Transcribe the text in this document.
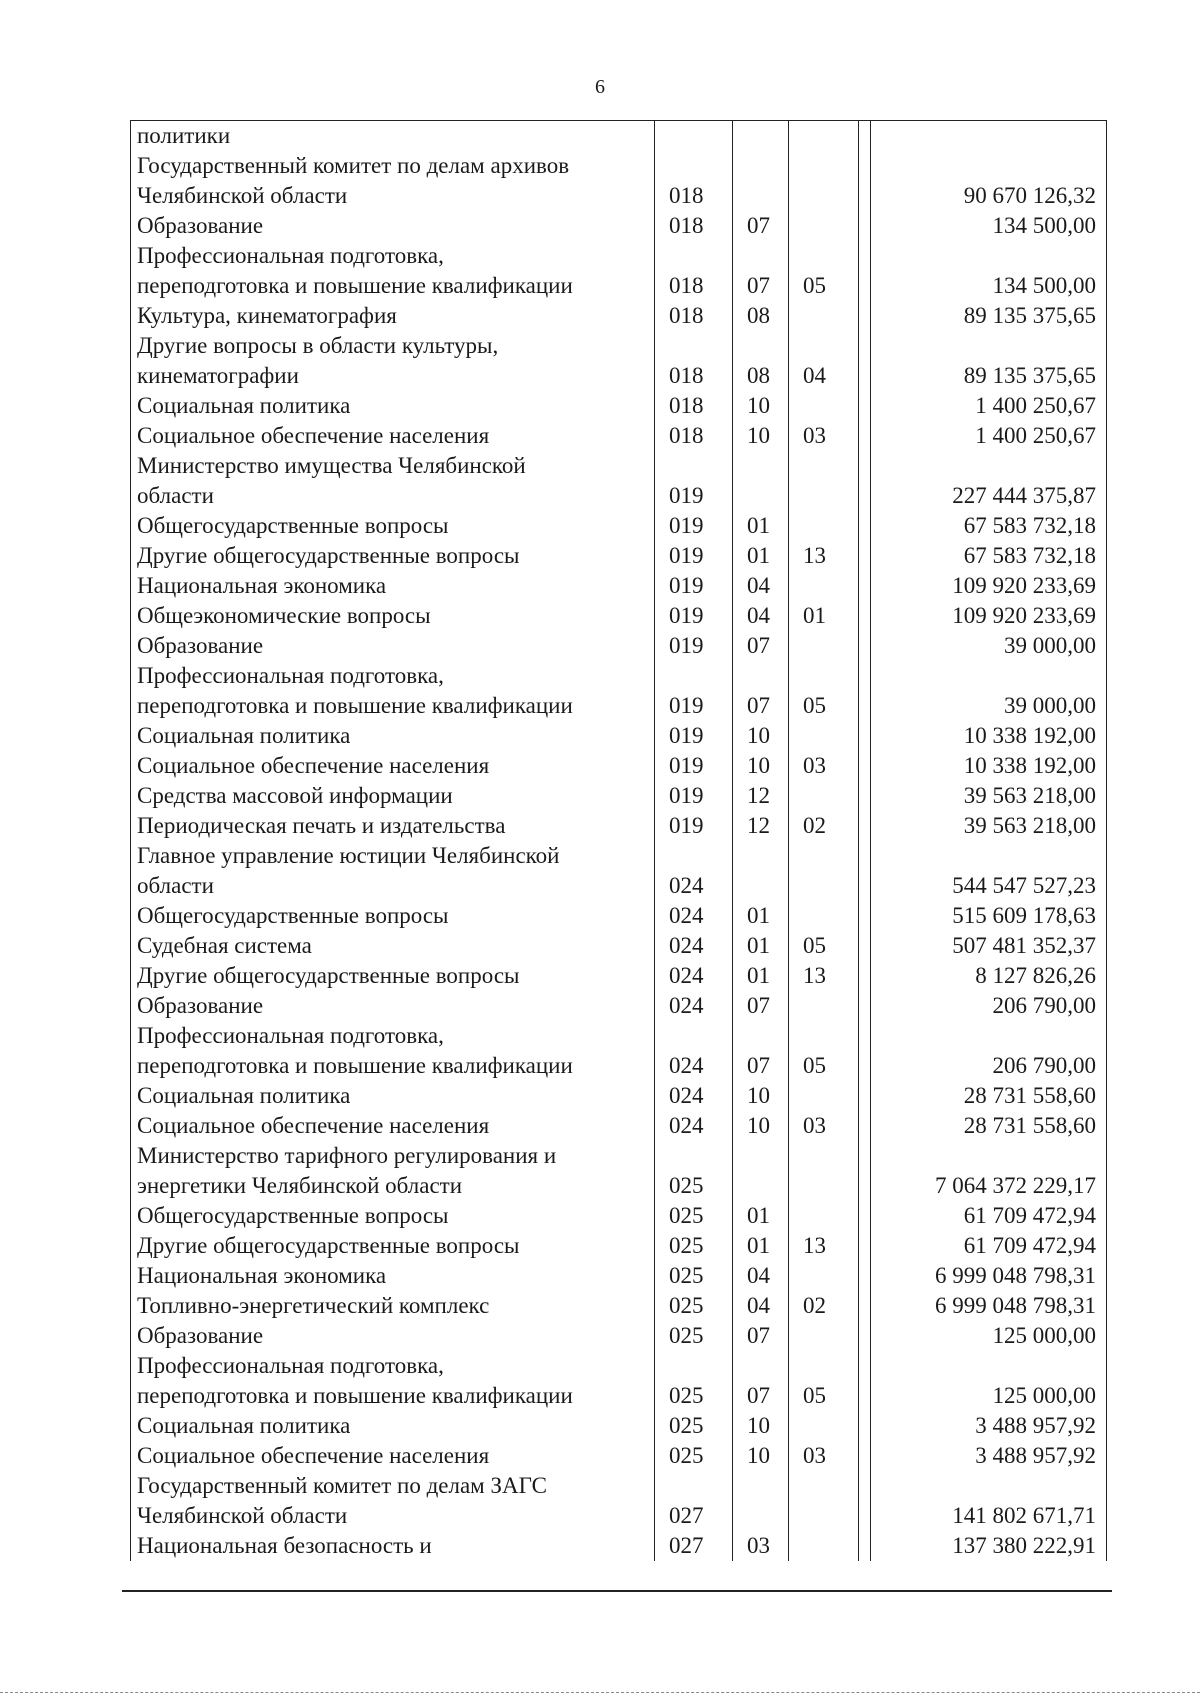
6
политики					
Государственный комитет по делам архивов					
Челябинской области	018				90 670 126,32
Образование	018	07			134 500,00
Профессиональная подготовка,					
переподготовка и повышение квалификации	018	07	05		134 500,00
Культура, кинематография	018	08			89 135 375,65
Другие вопросы в области культуры,					
кинематографии	018	08	04		89 135 375,65
Социальная политика	018	10			1 400 250,67
Социальное обеспечение населения	018	10	03		1 400 250,67
Министерство имущества Челябинской					
области	019				227 444 375,87
Общегосударственные вопросы	019	01			67 583 732,18
Другие общегосударственные вопросы	019	01	13		67 583 732,18
Национальная экономика	019	04			109 920 233,69
Общеэкономические вопросы	019	04	01		109 920 233,69
Образование	019	07			39 000,00
Профессиональная подготовка,					
переподготовка и повышение квалификации	019	07	05		39 000,00
Социальная политика	019	10			10 338 192,00
Социальное обеспечение населения	019	10	03		10 338 192,00
Средства массовой информации	019	12			39 563 218,00
Периодическая печать и издательства	019	12	02		39 563 218,00
Главное управление юстиции Челябинской					
области	024				544 547 527,23
Общегосударственные вопросы	024	01			515 609 178,63
Судебная система	024	01	05		507 481 352,37
Другие общегосударственные вопросы	024	01	13		8 127 826,26
Образование	024	07			206 790,00
Профессиональная подготовка,					
переподготовка и повышение квалификации	024	07	05		206 790,00
Социальная политика	024	10			28 731 558,60
Социальное обеспечение населения	024	10	03		28 731 558,60
Министерство тарифного регулирования и					
энергетики Челябинской области	025				7 064 372 229,17
Общегосударственные вопросы	025	01			61 709 472,94
Другие общегосударственные вопросы	025	01	13		61 709 472,94
Национальная экономика	025	04			6 999 048 798,31
Топливно-энергетический комплекс	025	04	02		6 999 048 798,31
Образование	025	07			125 000,00
Профессиональная подготовка,					
переподготовка и повышение квалификации	025	07	05		125 000,00
Социальная политика	025	10			3 488 957,92
Социальное обеспечение населения	025	10	03		3 488 957,92
Государственный комитет по делам ЗАГС					
Челябинской области	027				141 802 671,71
Национальная безопасность и	027	03			137 380 222,91
